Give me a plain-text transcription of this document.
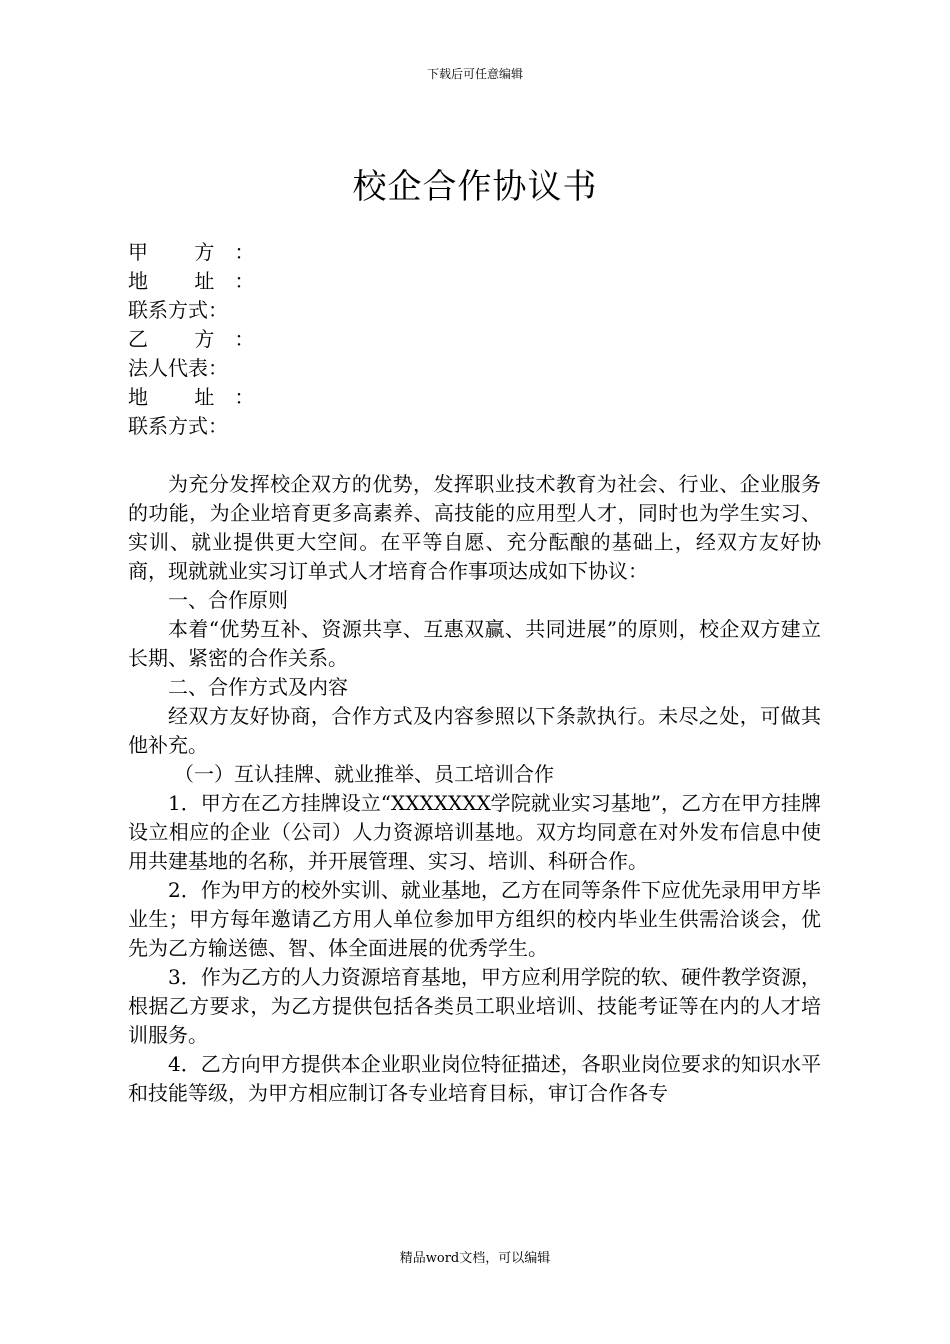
下载后可任意编辑
校企合作协议书
甲 方：
地 址：
联系方式：
乙 方：
法人代表：
地 址：
联系方式：

为充分发挥校企双方的优势，发挥职业技术教育为社会、行业、企业服务的功能，为企业培育更多高素养、高技能的应用型人才，同时也为学生实习、实训、就业提供更大空间。在平等自愿、充分酝酿的基础上，经双方友好协商，现就就业实习订单式人才培育合作事项达成如下协议：

一、合作原则

本着“优势互补、资源共享、互惠双赢、共同进展”的原则，校企双方建立长期、紧密的合作关系。

二、合作方式及内容

经双方友好协商，合作方式及内容参照以下条款执行。未尽之处，可做其他补充。

（一）互认挂牌、就业推举、员工培训合作

1．甲方在乙方挂牌设立“XXXXXXX学院就业实习基地”，乙方在甲方挂牌设立相应的企业（公司）人力资源培训基地。双方均同意在对外发布信息中使用共建基地的名称，并开展管理、实习、培训、科研合作。

2．作为甲方的校外实训、就业基地，乙方在同等条件下应优先录用甲方毕业生；甲方每年邀请乙方用人单位参加甲方组织的校内毕业生供需洽谈会，优先为乙方输送德、智、体全面进展的优秀学生。

3．作为乙方的人力资源培育基地，甲方应利用学院的软、硬件教学资源，根据乙方要求，为乙方提供包括各类员工职业培训、技能考证等在内的人才培训服务。

4．乙方向甲方提供本企业职业岗位特征描述，各职业岗位要求的知识水平和技能等级，为甲方相应制订各专业培育目标，审订合作各专

精品word文档，可以编辑
